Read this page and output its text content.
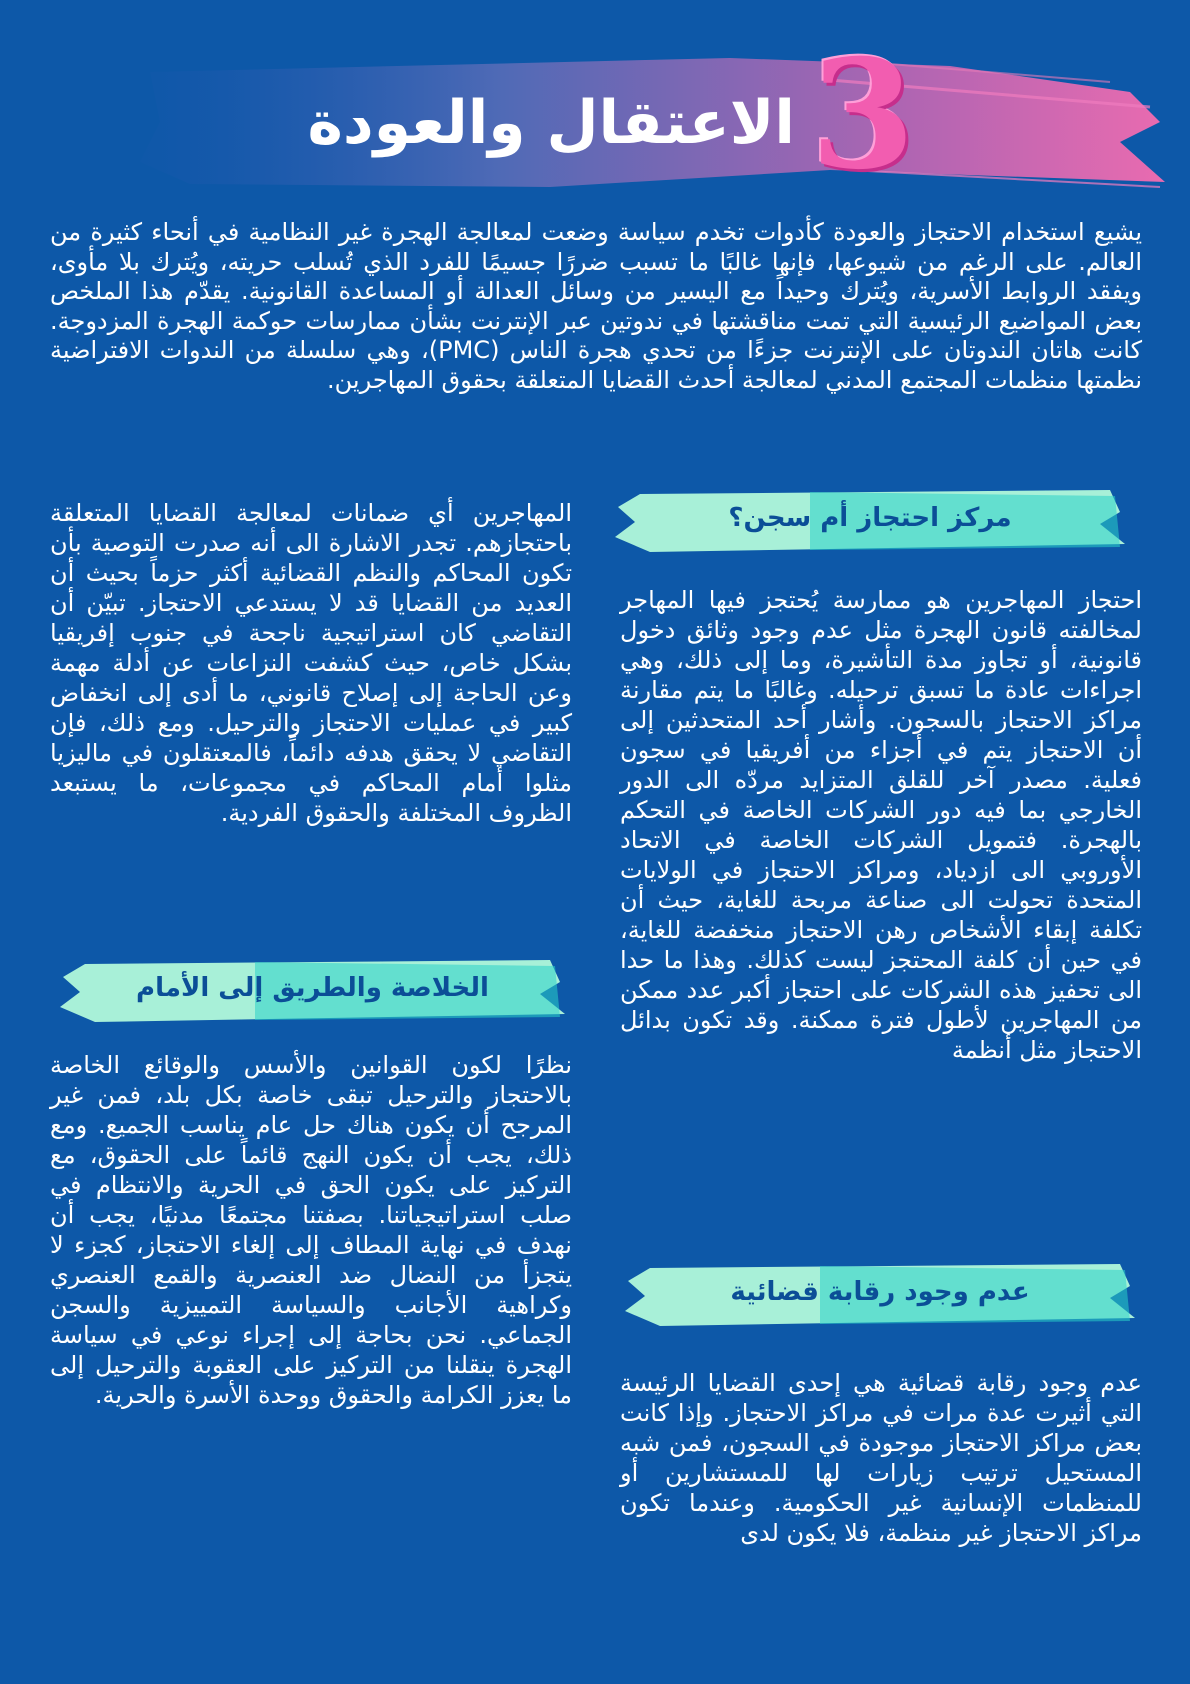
3
الاعتقال والعودة

يشيع استخدام الاحتجاز والعودة كأدوات تخدم سياسة وضعت لمعالجة الهجرة غير النظامية في أنحاء كثيرة من العالم. على الرغم من شيوعها، فإنها غالبًا ما تسبب ضررًا جسيمًا للفرد الذي تُسلب حريته، ويُترك بلا مأوى، ويفقد الروابط الأسرية، ويُترك وحيداً مع اليسير من وسائل العدالة أو المساعدة القانونية. يقدّم هذا الملخص بعض المواضيع الرئيسية التي تمت مناقشتها في ندوتين عبر الإنترنت بشأن ممارسات حوكمة الهجرة المزدوجة. كانت هاتان الندوتان على الإنترنت جزءًا من تحدي هجرة الناس (PMC)، وهي سلسلة من الندوات الافتراضية نظمتها منظمات المجتمع المدني لمعالجة أحدث القضايا المتعلقة بحقوق المهاجرين.

مركز احتجاز أم سجن؟

احتجاز المهاجرين هو ممارسة يُحتجز فيها المهاجر لمخالفته قانون الهجرة مثل عدم وجود وثائق دخول قانونية، أو تجاوز مدة التأشيرة، وما إلى ذلك، وهي اجراءات عادة ما تسبق ترحيله. وغالبًا ما يتم مقارنة مراكز الاحتجاز بالسجون. وأشار أحد المتحدثين إلى أن الاحتجاز يتم في أجزاء من أفريقيا في سجون فعلية. مصدر آخر للقلق المتزايد مردّه الى الدور الخارجي بما فيه دور الشركات الخاصة في التحكم بالهجرة. فتمويل الشركات الخاصة في الاتحاد الأوروبي الى ازدياد، ومراكز الاحتجاز في الولايات المتحدة تحولت الى صناعة مربحة للغاية، حيث أن تكلفة إبقاء الأشخاص رهن الاحتجاز منخفضة للغاية، في حين أن كلفة المحتجز ليست كذلك. وهذا ما حدا الى تحفيز هذه الشركات على احتجاز أكبر عدد ممكن من المهاجرين لأطول فترة ممكنة. وقد تكون بدائل الاحتجاز مثل أنظمة

عدم وجود رقابة قضائية

عدم وجود رقابة قضائية هي إحدى القضايا الرئيسة التي أثيرت عدة مرات في مراكز الاحتجاز. وإذا كانت بعض مراكز الاحتجاز موجودة في السجون، فمن شبه المستحيل ترتيب زيارات لها للمستشارين أو للمنظمات الإنسانية غير الحكومية. وعندما تكون مراكز الاحتجاز غير منظمة، فلا يكون لدى

المهاجرين أي ضمانات لمعالجة القضايا المتعلقة باحتجازهم. تجدر الاشارة الى أنه صدرت التوصية بأن تكون المحاكم والنظم القضائية أكثر حزماً بحيث أن العديد من القضايا قد لا يستدعي الاحتجاز. تبيّن أن التقاضي كان استراتيجية ناجحة في جنوب إفريقيا بشكل خاص، حيث كشفت النزاعات عن أدلة مهمة وعن الحاجة إلى إصلاح قانوني، ما أدى إلى انخفاض كبير في عمليات الاحتجاز والترحيل. ومع ذلك، فإن التقاضي لا يحقق هدفه دائماً، فالمعتقلون في ماليزيا مثلوا أمام المحاكم في مجموعات، ما يستبعد الظروف المختلفة والحقوق الفردية.

الخلاصة والطريق إلى الأمام

نظرًا لكون القوانين والأسس والوقائع الخاصة بالاحتجاز والترحيل تبقى خاصة بكل بلد، فمن غير المرجح أن يكون هناك حل عام يناسب الجميع. ومع ذلك، يجب أن يكون النهج قائماً على الحقوق، مع التركيز على يكون الحق في الحرية والانتظام في صلب استراتيجياتنا. بصفتنا مجتمعًا مدنيًا، يجب أن نهدف في نهاية المطاف إلى إلغاء الاحتجاز، كجزء لا يتجزأ من النضال ضد العنصرية والقمع العنصري وكراهية الأجانب والسياسة التمييزية والسجن الجماعي. نحن بحاجة إلى إجراء نوعي في سياسة الهجرة ينقلنا من التركيز على العقوبة والترحيل إلى ما يعزز الكرامة والحقوق ووحدة الأسرة والحرية.
